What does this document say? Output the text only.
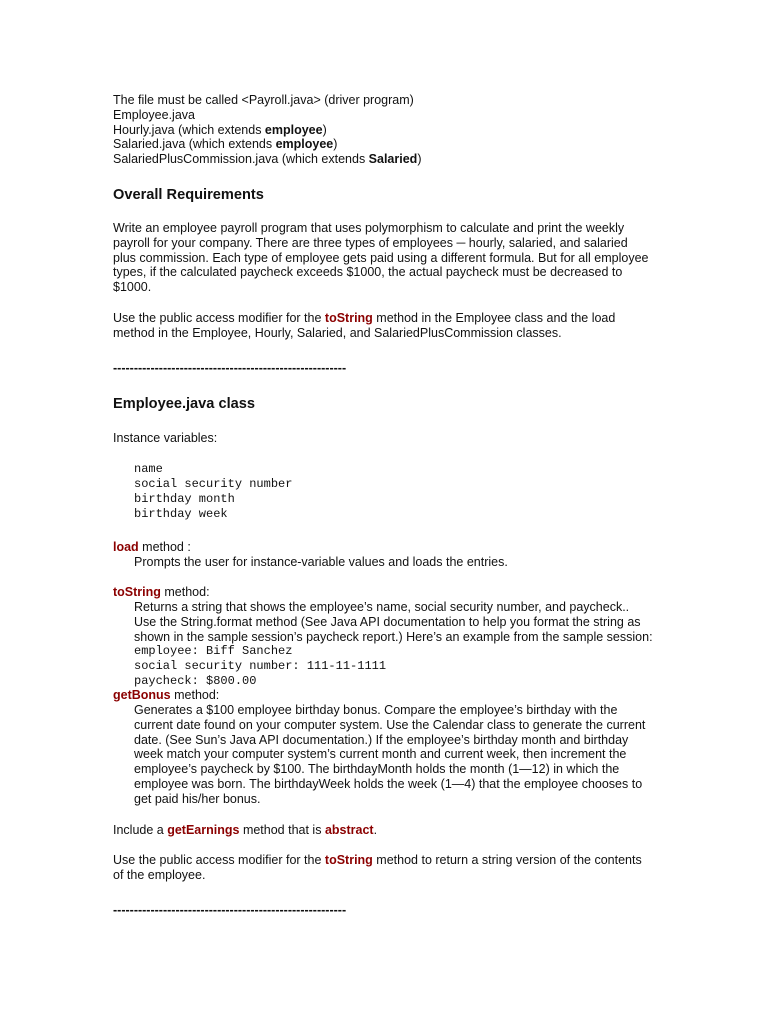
The file must be called <Payroll.java> (driver program)
Employee.java
Hourly.java (which extends employee)
Salaried.java (which extends employee)
SalariedPlusCommission.java (which extends Salaried)
Overall Requirements
Write an employee payroll program that uses polymorphism to calculate and print the weekly
payroll for your company. There are three types of employees ─ hourly, salaried, and salaried
plus commission. Each type of employee gets paid using a different formula. But for all employee
types, if the calculated paycheck exceeds $1000, the actual paycheck must be decreased to
$1000.
Use the public access modifier for the toString method in the Employee class and the load
method in the Employee, Hourly, Salaried, and SalariedPlusCommission classes.
--------------------------------------------------------
Employee.java class
Instance variables:
name
social security number
birthday month
birthday week
load method :
Prompts the user for instance-variable values and loads the entries.
toString method:
Returns a string that shows the employee’s name, social security number, and paycheck..
Use the String.format method (See Java API documentation to help you format the string as
shown in the sample session’s paycheck report.) Here’s an example from the sample session:
employee: Biff Sanchez
social security number: 111-11-1111
paycheck: $800.00
getBonus method:
Generates a $100 employee birthday bonus. Compare the employee’s birthday with the
current date found on your computer system. Use the Calendar class to generate the current
date. (See Sun’s Java API documentation.) If the employee’s birthday month and birthday
week match your computer system’s current month and current week, then increment the
employee’s paycheck by $100. The birthdayMonth holds the month (1—12) in which the
employee was born. The birthdayWeek holds the week (1—4) that the employee chooses to
get paid his/her bonus.
Include a getEarnings method that is abstract.
Use the public access modifier for the toString method to return a string version of the contents
of the employee.
--------------------------------------------------------
